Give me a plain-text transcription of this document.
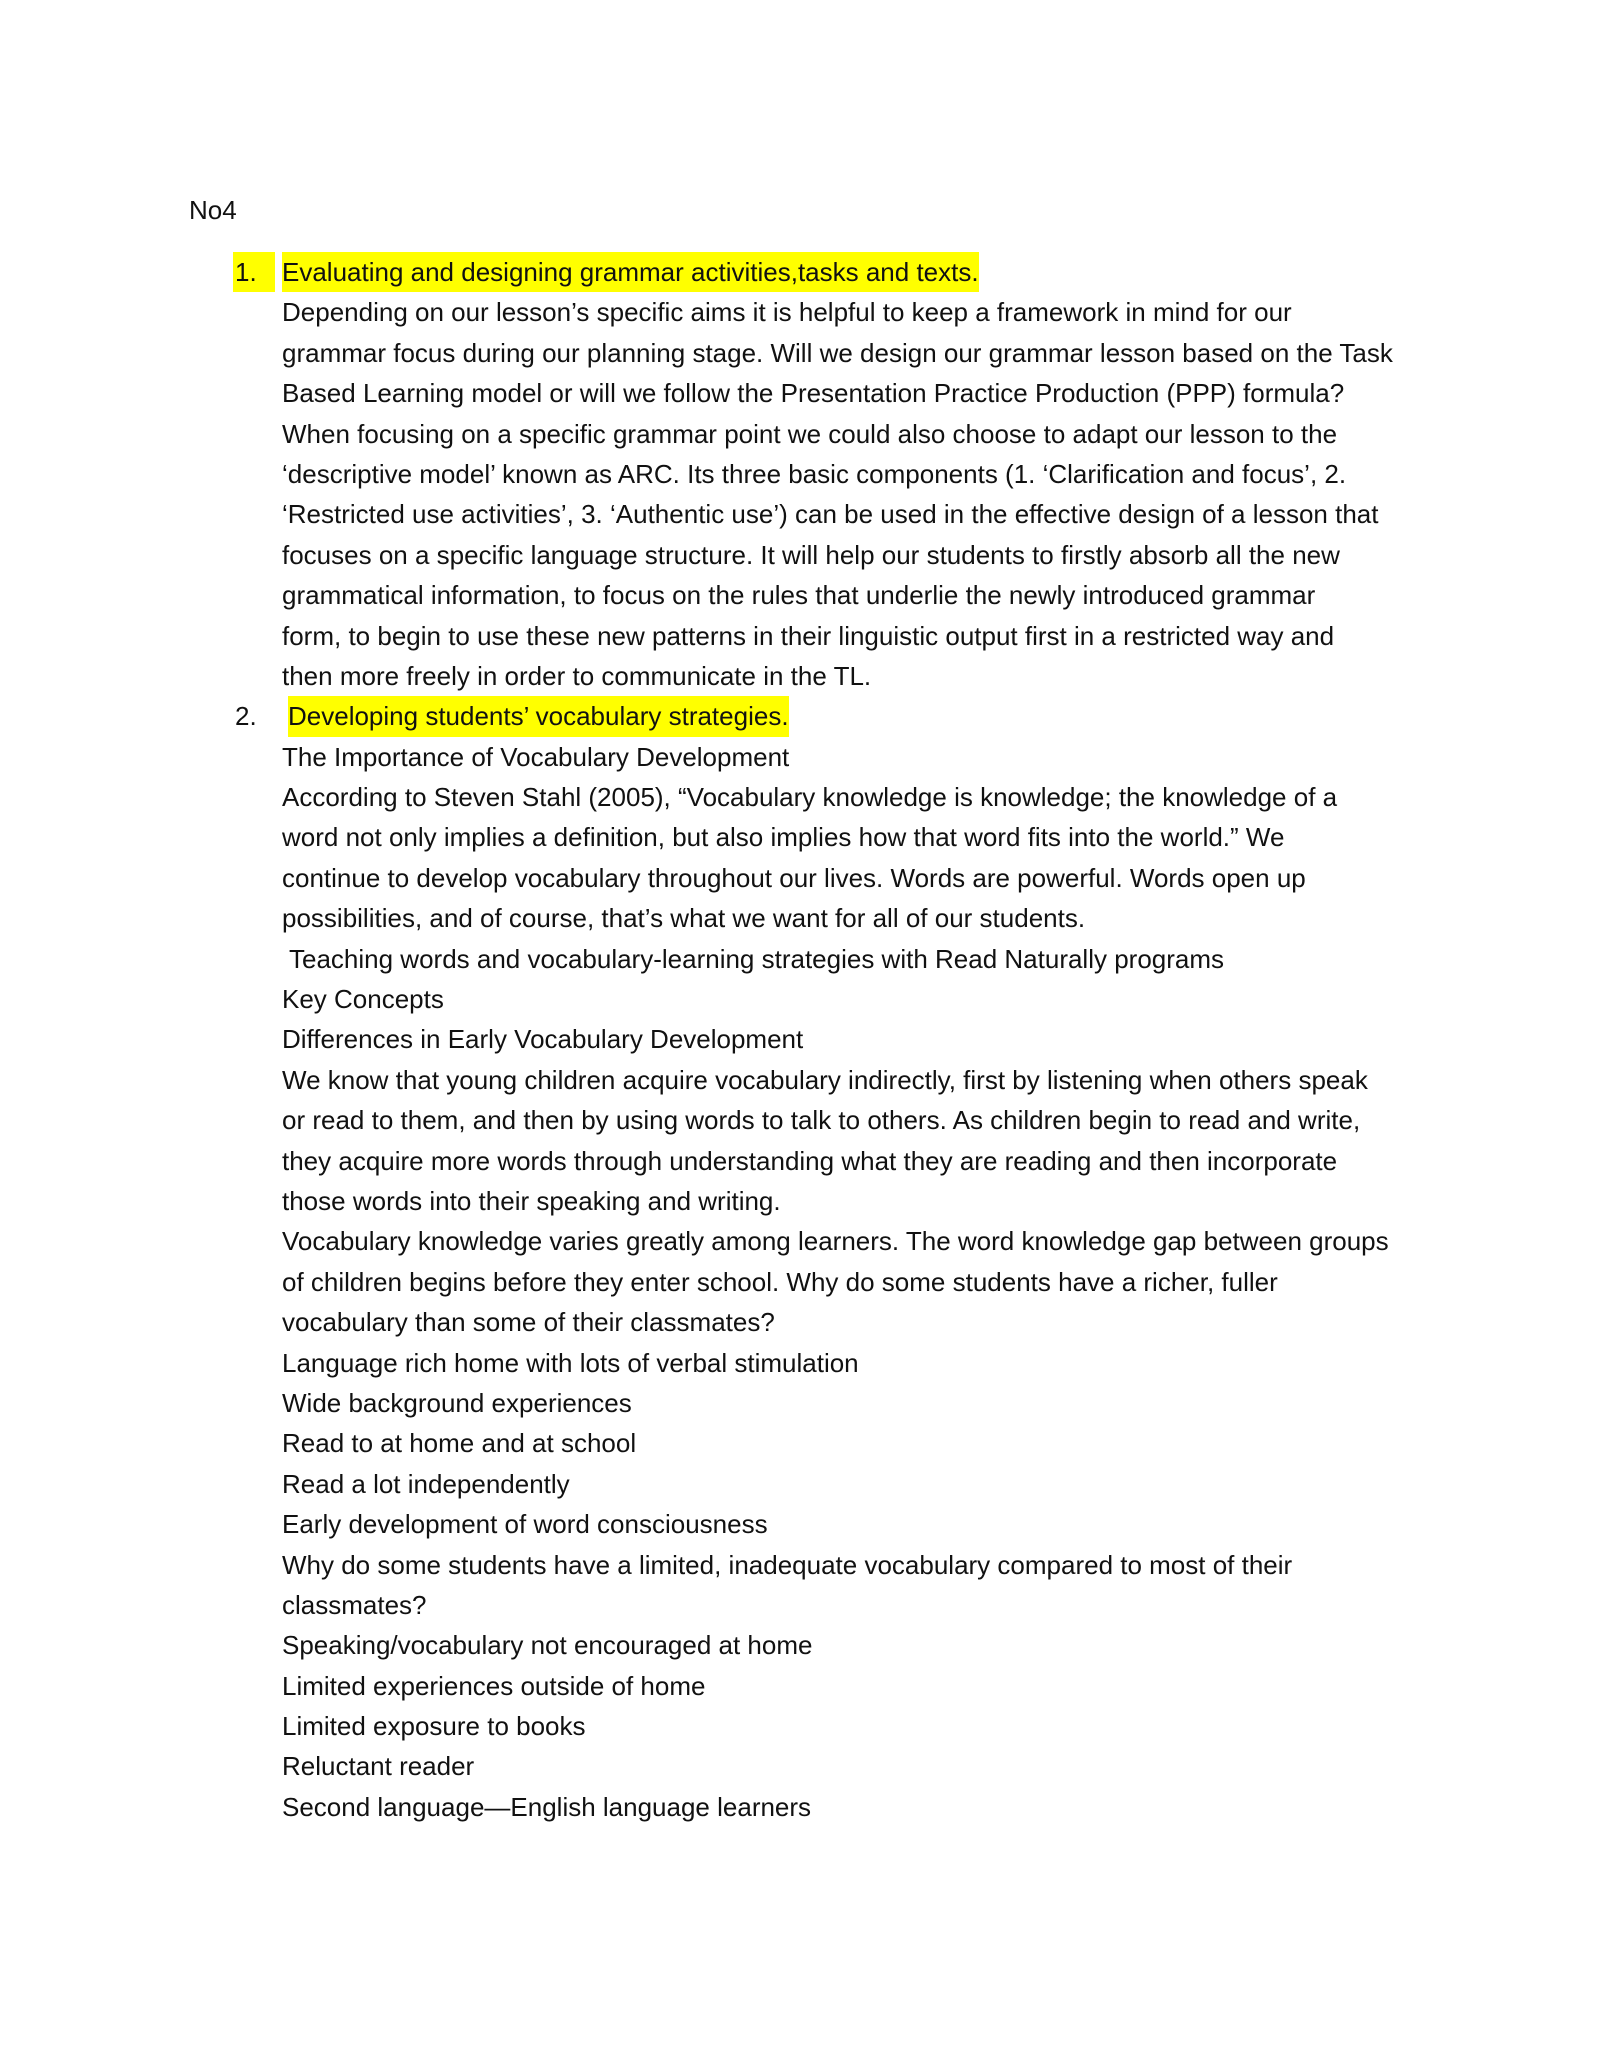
No4
1. Evaluating and designing grammar activities,tasks and texts.
Depending on our lesson’s specific aims it is helpful to keep a framework in mind for our
grammar focus during our planning stage. Will we design our grammar lesson based on the Task
Based Learning model or will we follow the Presentation Practice Production (PPP) formula?
When focusing on a specific grammar point we could also choose to adapt our lesson to the
‘descriptive model’ known as ARC. Its three basic components (1. ‘Clarification and focus’, 2.
‘Restricted use activities’, 3. ‘Authentic use’) can be used in the effective design of a lesson that
focuses on a specific language structure. It will help our students to firstly absorb all the new
grammatical information, to focus on the rules that underlie the newly introduced grammar
form, to begin to use these new patterns in their linguistic output first in a restricted way and
then more freely in order to communicate in the TL.
2. Developing students’ vocabulary strategies.
The Importance of Vocabulary Development
According to Steven Stahl (2005), “Vocabulary knowledge is knowledge; the knowledge of a
word not only implies a definition, but also implies how that word fits into the world.” We
continue to develop vocabulary throughout our lives. Words are powerful. Words open up
possibilities, and of course, that’s what we want for all of our students.
Teaching words and vocabulary-learning strategies with Read Naturally programs
Key Concepts
Differences in Early Vocabulary Development
We know that young children acquire vocabulary indirectly, first by listening when others speak
or read to them, and then by using words to talk to others. As children begin to read and write,
they acquire more words through understanding what they are reading and then incorporate
those words into their speaking and writing.
Vocabulary knowledge varies greatly among learners. The word knowledge gap between groups
of children begins before they enter school. Why do some students have a richer, fuller
vocabulary than some of their classmates?
Language rich home with lots of verbal stimulation
Wide background experiences
Read to at home and at school
Read a lot independently
Early development of word consciousness
Why do some students have a limited, inadequate vocabulary compared to most of their
classmates?
Speaking/vocabulary not encouraged at home
Limited experiences outside of home
Limited exposure to books
Reluctant reader
Second language—English language learners
